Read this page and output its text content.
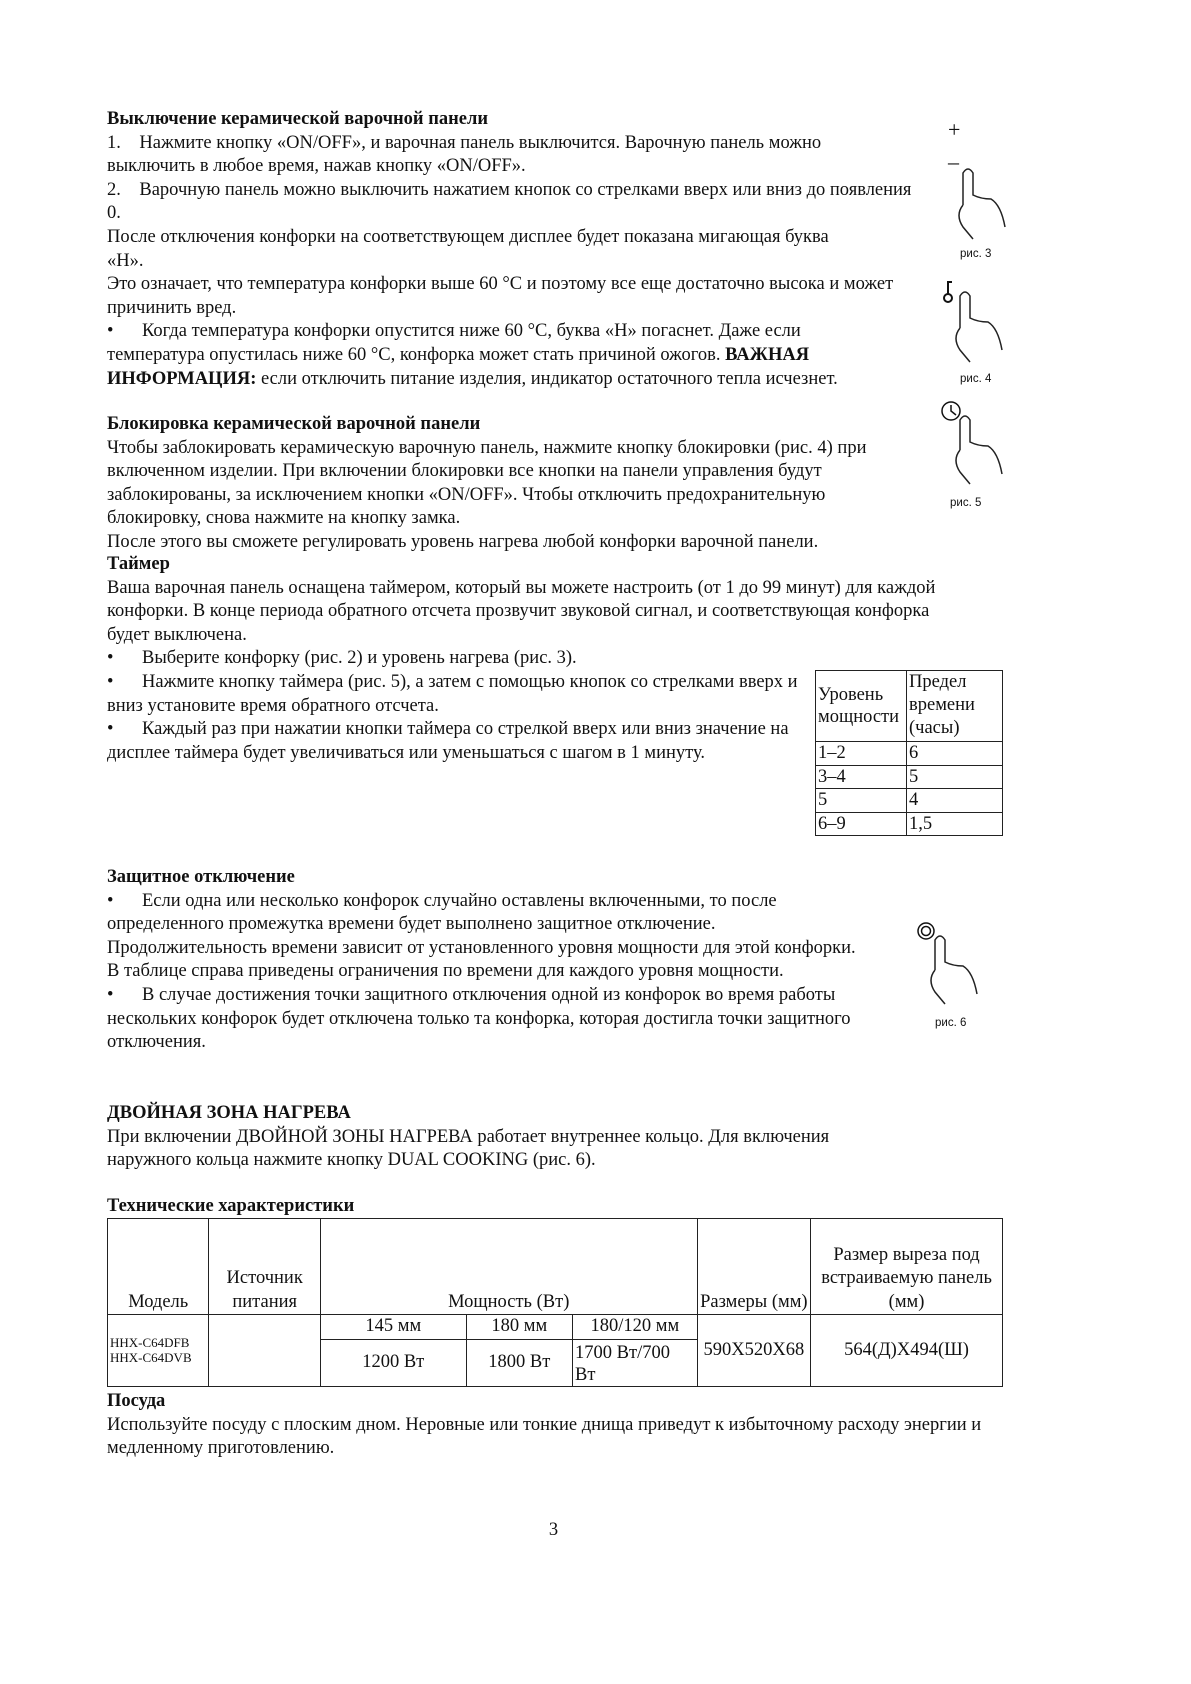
Выключение керамической варочной панели

1. Нажмите кнопку «ON/OFF», и варочная панель выключится. Варочную панель можно выключить в любое время, нажав кнопку «ON/OFF».

2. Варочную панель можно выключить нажатием кнопок со стрелками вверх или вниз до появления 0.

После отключения конфорки на соответствующем дисплее будет показана мигающая буква «H».

Это означает, что температура конфорки выше 60 °C и поэтому все еще достаточно высока и может причинить вред.

• Когда температура конфорки опустится ниже 60 °C, буква «H» погаснет. Даже если температура опустилась ниже 60 °C, конфорка может стать причиной ожогов. ВАЖНАЯ ИНФОРМАЦИЯ: если отключить питание изделия, индикатор остаточного тепла исчезнет.

Блокировка керамической варочной панели

Чтобы заблокировать керамическую варочную панель, нажмите кнопку блокировки (рис. 4) при включенном изделии. При включении блокировки все кнопки на панели управления будут заблокированы, за исключением кнопки «ON/OFF». Чтобы отключить предохранительную блокировку, снова нажмите на кнопку замка.

После этого вы сможете регулировать уровень нагрева любой конфорки варочной панели.

Таймер

Ваша варочная панель оснащена таймером, который вы можете настроить (от 1 до 99 минут) для каждой конфорки. В конце периода обратного отсчета прозвучит звуковой сигнал, и соответствующая конфорка будет выключена.

• Выберите конфорку (рис. 2) и уровень нагрева (рис. 3).

• Нажмите кнопку таймера (рис. 5), а затем с помощью кнопок со стрелками вверх и вниз установите время обратного отсчета.

• Каждый раз при нажатии кнопки таймера со стрелкой вверх или вниз значение на дисплее таймера будет увеличиваться или уменьшаться с шагом в 1 минуту.

Уровень мощности	Предел времени (часы)
1–2	6
3–4	5
5	4
6–9	1,5

Защитное отключение

• Если одна или несколько конфорок случайно оставлены включенными, то после определенного промежутка времени будет выполнено защитное отключение. Продолжительность времени зависит от установленного уровня мощности для этой конфорки. В таблице справа приведены ограничения по времени для каждого уровня мощности.

• В случае достижения точки защитного отключения одной из конфорок во время работы нескольких конфорок будет отключена только та конфорка, которая достигла точки защитного отключения.

ДВОЙНАЯ ЗОНА НАГРЕВА

При включении ДВОЙНОЙ ЗОНЫ НАГРЕВА работает внутреннее кольцо. Для включения наружного кольца нажмите кнопку DUAL COOKING (рис. 6).

Технические характеристики

Модель	Источник питания	Мощность (Вт)			Размеры (мм)	Размер выреза под встраиваемую панель (мм)
HHX-C64DFB HHX-C64DVB		145 мм	180 мм	180/120 мм	590X520X68	564(Д)X494(Ш)
		1200 Вт	1800 Вт	1700 Вт/700 Вт		

Посуда

Используйте посуду с плоским дном. Неровные или тонкие днища приведут к избыточному расходу энергии и медленному приготовлению.

3
+
–
рис. 3
рис. 4
рис. 5
рис. 6
